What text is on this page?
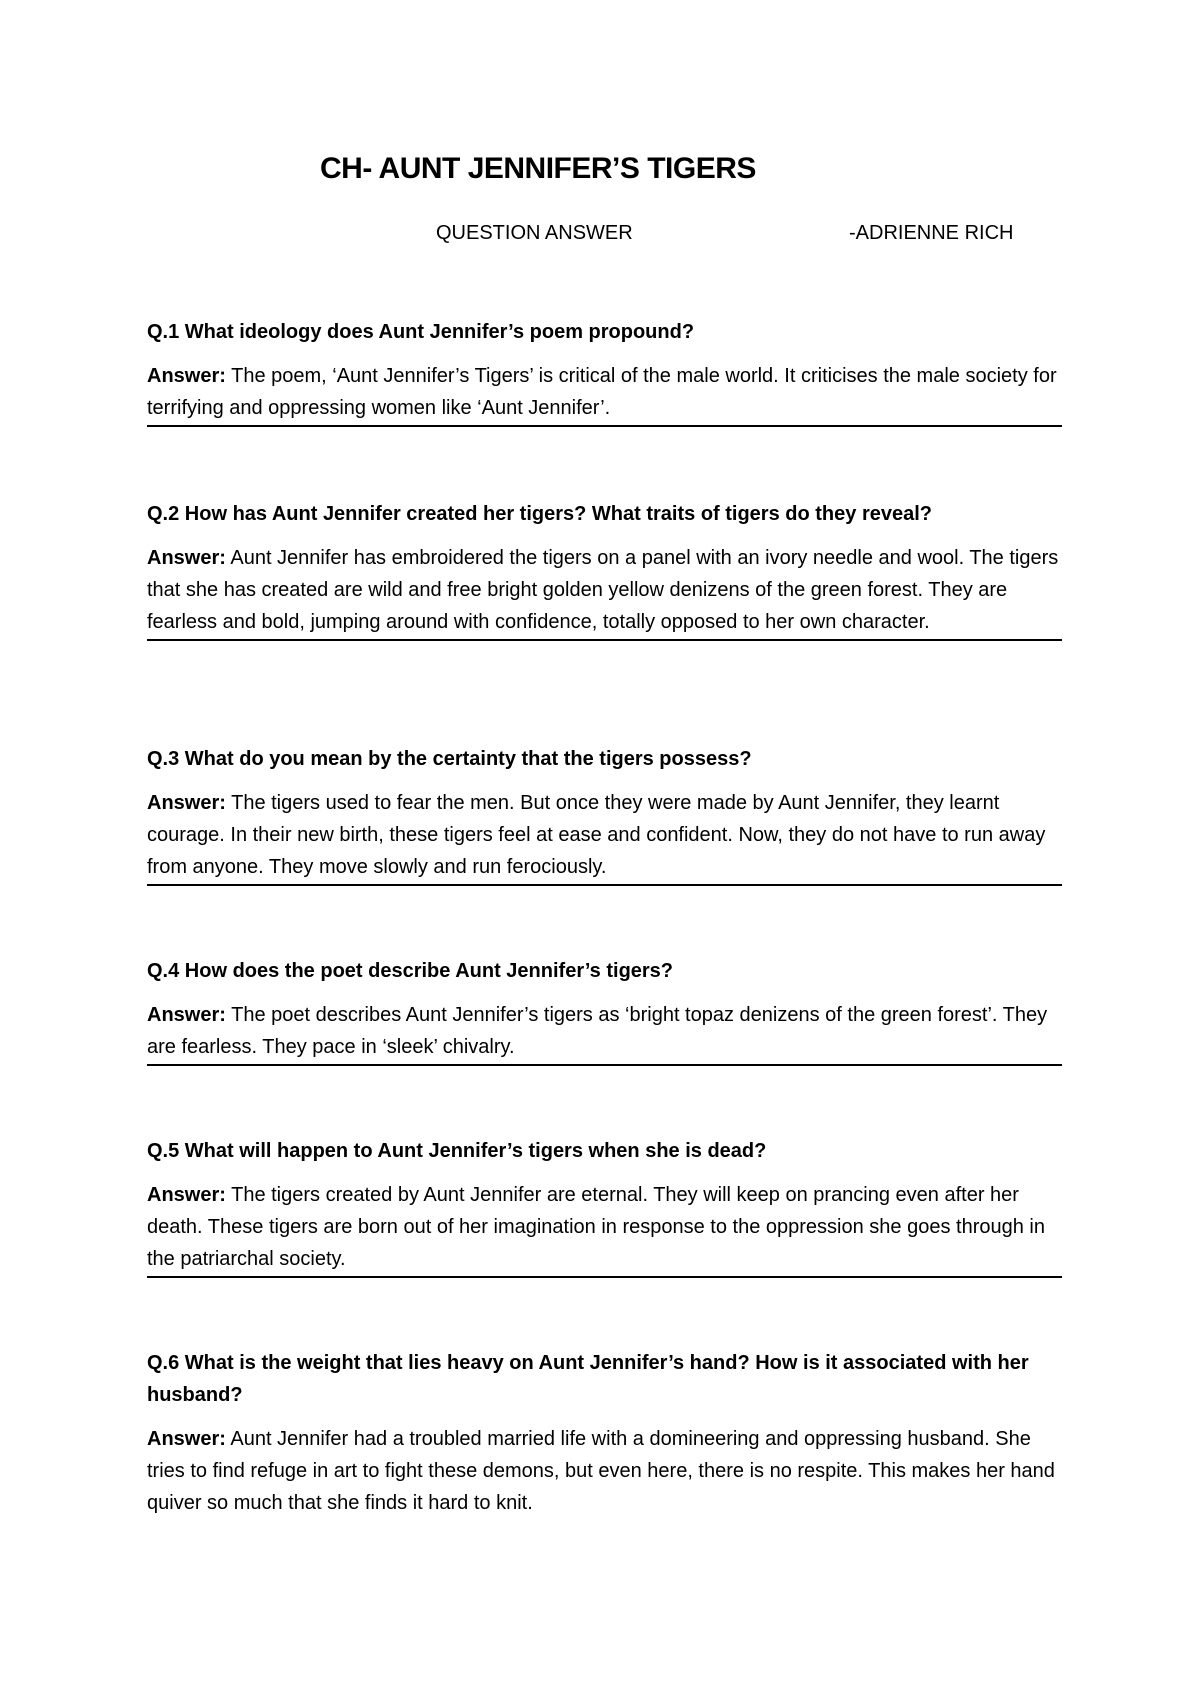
CH- AUNT JENNIFER’S TIGERS
QUESTION ANSWER	-ADRIENNE RICH

Q.1 What ideology does Aunt Jennifer’s poem propound?

Answer: The poem, ‘Aunt Jennifer’s Tigers’ is critical of the male world. It criticises the male society for terrifying and oppressing women like ‘Aunt Jennifer’.

Q.2 How has Aunt Jennifer created her tigers? What traits of tigers do they reveal?

Answer: Aunt Jennifer has embroidered the tigers on a panel with an ivory needle and wool. The tigers that she has created are wild and free bright golden yellow denizens of the green forest. They are fearless and bold, jumping around with confidence, totally opposed to her own character.

Q.3 What do you mean by the certainty that the tigers possess?

Answer: The tigers used to fear the men. But once they were made by Aunt Jennifer, they learnt courage. In their new birth, these tigers feel at ease and confident. Now, they do not have to run away from anyone. They move slowly and run ferociously.

Q.4 How does the poet describe Aunt Jennifer’s tigers?

Answer: The poet describes Aunt Jennifer’s tigers as ‘bright topaz denizens of the green forest’. They are fearless. They pace in ‘sleek’ chivalry.

Q.5 What will happen to Aunt Jennifer’s tigers when she is dead?

Answer: The tigers created by Aunt Jennifer are eternal. They will keep on prancing even after her death. These tigers are born out of her imagination in response to the oppression she goes through in the patriarchal society.

Q.6 What is the weight that lies heavy on Aunt Jennifer’s hand? How is it associated with her husband?

Answer: Aunt Jennifer had a troubled married life with a domineering and oppressing husband. She tries to find refuge in art to fight these demons, but even here, there is no respite. This makes her hand quiver so much that she finds it hard to knit.
